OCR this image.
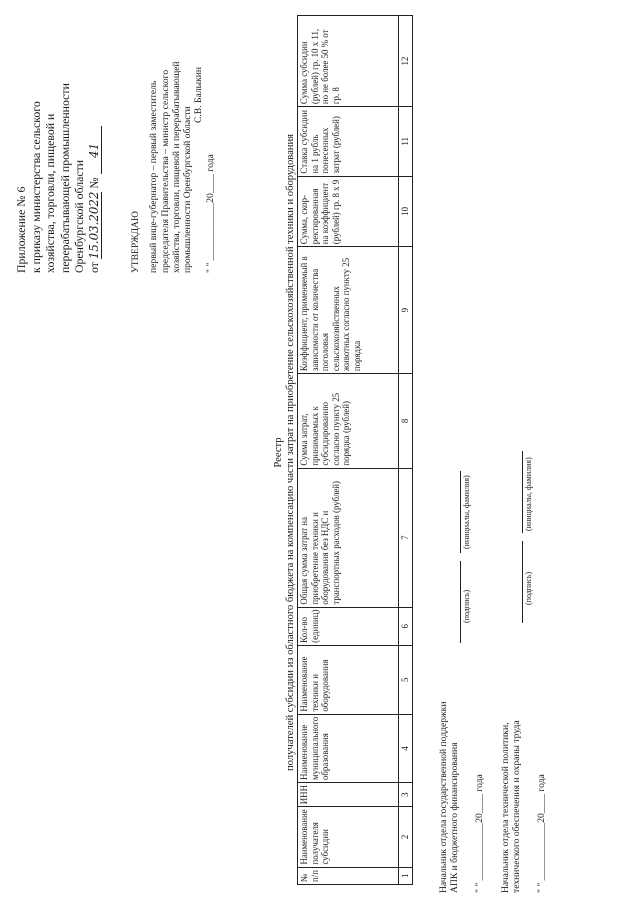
Приложение № 6 к приказу министерства сельского хозяйства, торговли, пищевой и перерабатывающей промышленности Оренбургской области от 15.03.2022 № 41
УТВЕРЖДАЮ первый вице-губернатор – первый заместитель председателя Правительства – министр сельского хозяйства, торговли, пищевой и перерабатывающей промышленности Оренбургской области
С.В. Балыкин
" " ____________20____ года
Реестр получателей субсидии из областного бюджета на компенсацию части затрат на приобретение сельскохозяйственной техники и оборудования
№ п/п	Наименование получателя субсидии	ИНН	Наименование муниципального образования	Наименование техники и оборудования	Кол-во (единиц)	Общая сумма затрат на приобретение техники и оборудования без НДС и транспортных расходов (рублей)	Сумма затрат, принимаемых к субсидированию согласно пункту 25 порядка (рублей)	Коэффициент, применяемый в зависимости от количества поголовья сельскохозяйственных животных согласно пункту 25 порядка	Сумма, скор-ректированная на коэффициент (рублей) гр. 8 x 9	Ставка субсидии на 1 рубль понесенных затрат (рублей)	Сумма субсидии (рублей) гр. 10 x 11, но не более 50 % от гр. 8
1	2	3	4	5	6	7	8	9	10	11	12
Начальник отдела государственной поддержки АПК и бюджетного финансирования
(подпись)
(инициалы, фамилия)
" " ____________20____ года Начальник отдела технической политики, технического обеспечения и охраны труда
(подпись)
(инициалы, фамилия)
" " ____________20____ года
